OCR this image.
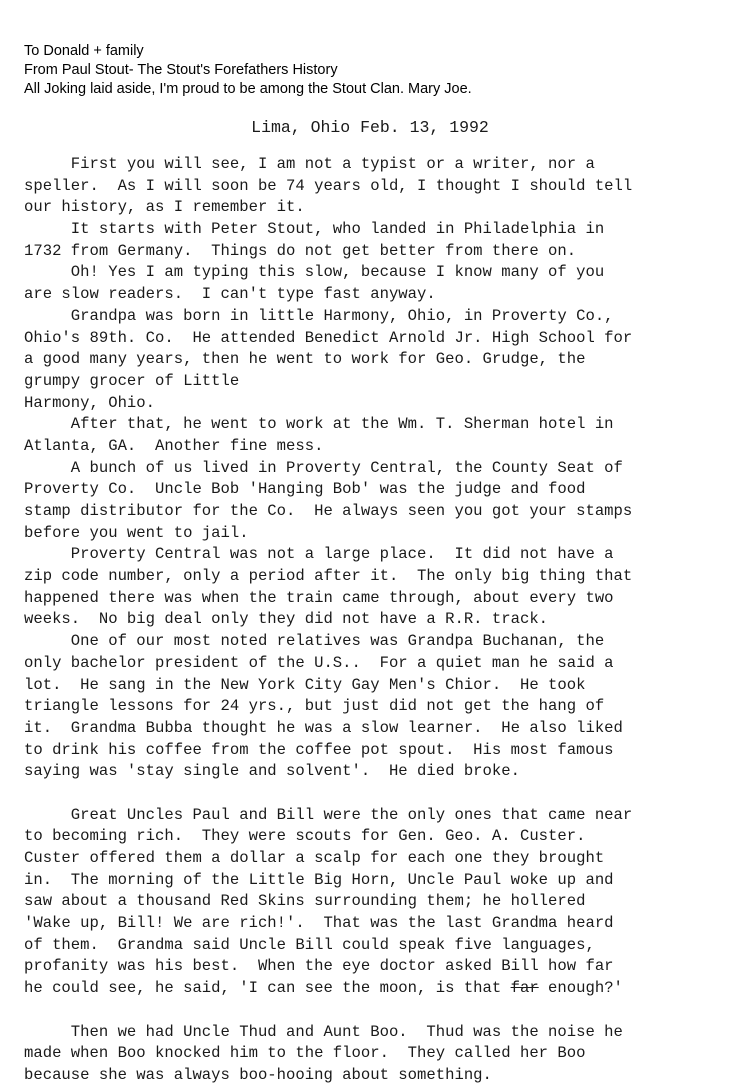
To Donald + family
From Paul Stout- The Stout's Forefathers History
All Joking laid aside, I'm proud to be among the Stout Clan. Mary Joe.
Lima, Ohio Feb. 13, 1992
First you will see, I am not a typist or a writer, nor a
speller.  As I will soon be 74 years old, I thought I should tell
our history, as I remember it.
It starts with Peter Stout, who landed in Philadelphia in
1732 from Germany.  Things do not get better from there on.
Oh! Yes I am typing this slow, because I know many of you
are slow readers.  I can't type fast anyway.
Grandpa was born in little Harmony, Ohio, in Proverty Co.,
Ohio's 89th. Co.  He attended Benedict Arnold Jr. High School for
a good many years, then he went to work for Geo. Grudge, the
grumpy grocer of Little
Harmony, Ohio.
After that, he went to work at the Wm. T. Sherman hotel in
Atlanta, GA.  Another fine mess.
A bunch of us lived in Proverty Central, the County Seat of
Proverty Co.  Uncle Bob 'Hanging Bob' was the judge and food
stamp distributor for the Co.  He always seen you got your stamps
before you went to jail.
Proverty Central was not a large place.  It did not have a
zip code number, only a period after it.  The only big thing that
happened there was when the train came through, about every two
weeks.  No big deal only they did not have a R.R. track.
One of our most noted relatives was Grandpa Buchanan, the
only bachelor president of the U.S..  For a quiet man he said a
lot.  He sang in the New York City Gay Men's Chior.  He took
triangle lessons for 24 yrs., but just did not get the hang of
it.  Grandma Bubba thought he was a slow learner.  He also liked
to drink his coffee from the coffee pot spout.  His most famous
saying was 'stay single and solvent'.  He died broke.
Great Uncles Paul and Bill were the only ones that came near
to becoming rich.  They were scouts for Gen. Geo. A. Custer.
Custer offered them a dollar a scalp for each one they brought
in.  The morning of the Little Big Horn, Uncle Paul woke up and
saw about a thousand Red Skins surrounding them; he hollered
'Wake up, Bill! We are rich!'.  That was the last Grandma heard
of them.  Grandma said Uncle Bill could speak five languages,
profanity was his best.  When the eye doctor asked Bill how far
he could see, he said, 'I can see the moon, is that far enough?'
Then we had Uncle Thud and Aunt Boo.  Thud was the noise he
made when Boo knocked him to the floor.  They called her Boo
because she was always boo-hooing about something.
